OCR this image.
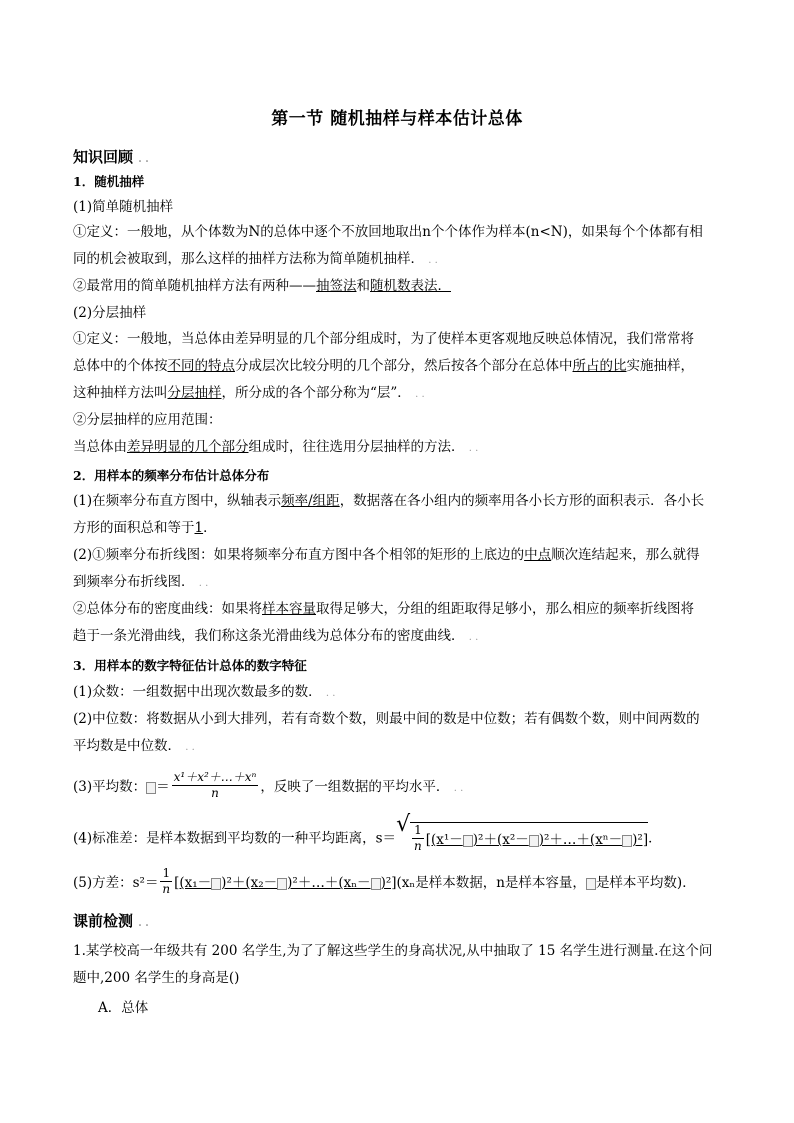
第一节 随机抽样与样本估计总体
知识回顾 . .
1．随机抽样
(1)简单随机抽样
①定义：一般地，从个体数为N的总体中逐个不放回地取出n个个体作为样本(n<N)，如果每个个体都有相
同的机会被取到，那么这样的抽样方法称为简单随机抽样． . .
②最常用的简单随机抽样方法有两种——抽签法和随机数表法．
(2)分层抽样
①定义：一般地，当总体由差异明显的几个部分组成时，为了使样本更客观地反映总体情况，我们常常将
总体中的个体按不同的特点分成层次比较分明的几个部分，然后按各个部分在总体中所占的比实施抽样，
这种抽样方法叫分层抽样，所分成的各个部分称为“层”． . .
②分层抽样的应用范围：
当总体由差异明显的几个部分组成时，往往选用分层抽样的方法． . .
2．用样本的频率分布估计总体分布
(1)在频率分布直方图中，纵轴表示频率/组距，数据落在各小组内的频率用各小长方形的面积表示．各小长
方形的面积总和等于1．
(2)①频率分布折线图：如果将频率分布直方图中各个相邻的矩形的上底边的中点顺次连结起来，那么就得
到频率分布折线图． . .
②总体分布的密度曲线：如果将样本容量取得足够大，分组的组距取得足够小，那么相应的频率折线图将
趋于一条光滑曲线，我们称这条光滑曲线为总体分布的密度曲线． . .
3．用样本的数字特征估计总体的数字特征
(1)众数：一组数据中出现次数最多的数． . .
(2)中位数：将数据从小到大排列，若有奇数个数，则最中间的数是中位数；若有偶数个数，则中间两数的
平均数是中位数． . .
(3)平均数： ＝ $\frac{\text{x¹＋x²＋…＋xⁿ}}{n}$ ，反映了一组数据的平均水平． . .
(4)标准差：是样本数据到平均数的一种平均距离，s＝
√ $\frac{1}{n} [(x^1- )^2+(x^2-$ )²＋…＋(xⁿ－ )²]．
(5)方差：$s^2= \frac{1}{n} [(x_1- )^2+(x_2-$ )²＋…＋(xₙ－ )²](xₙ是样本数据，n是样本容量， 是样本平均数)．
课前检测 . .
1.某学校高一年级共有 200 名学生,为了了解这些学生的身高状况,从中抽取了 15 名学生进行测量.在这个问
题中,200 名学生的身高是()
A．总体
